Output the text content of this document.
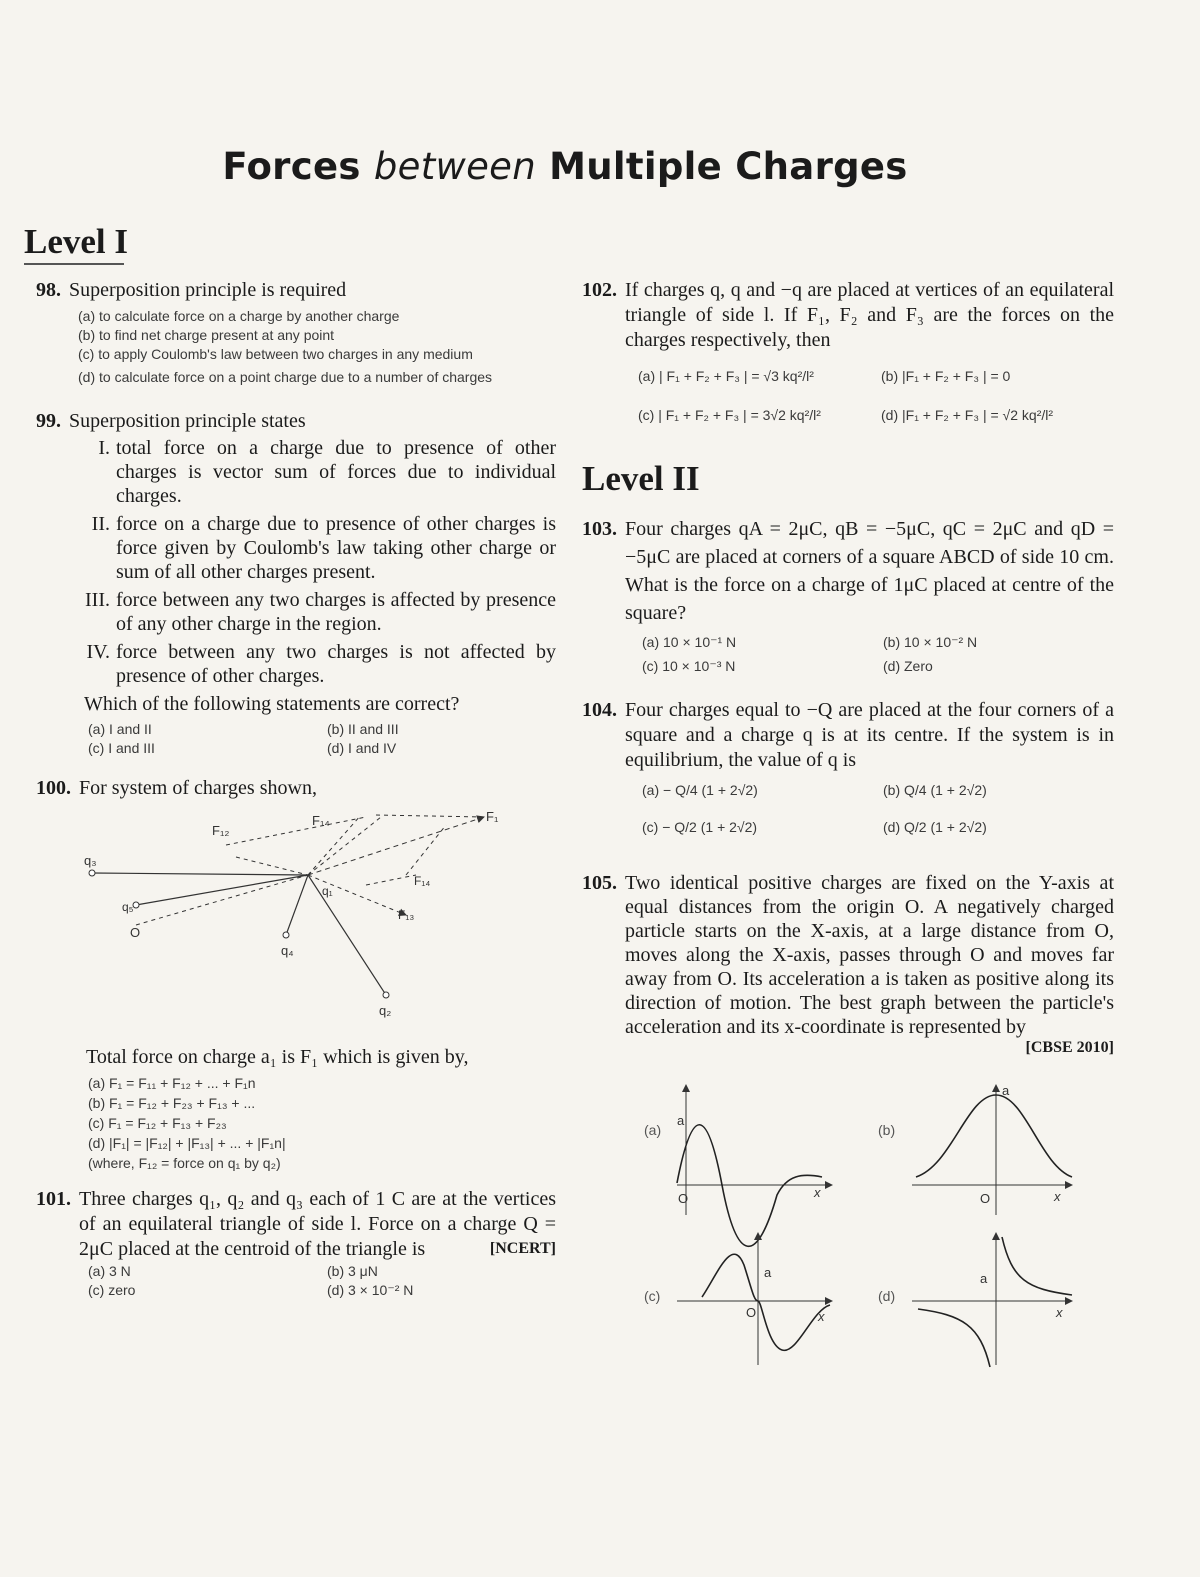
Forces between Multiple Charges
Level I
98. Superposition principle is required
(a) to calculate force on a charge by another charge
(b) to find net charge present at any point
(c) to apply Coulomb's law between two charges in any medium
(d) to calculate force on a point charge due to a number of charges
99. Superposition principle states
I. total force on a charge due to presence of other charges is vector sum of forces due to individual charges.
II. force on a charge due to presence of other charges is force given by Coulomb's law taking other charge or sum of all other charges present.
III. force between any two charges is affected by presence of any other charge in the region.
IV. force between any two charges is not affected by presence of other charges.
Which of the following statements are correct?
(a) I and II	(b) II and III
(c) I and III	(d) I and IV
100. For system of charges shown,
F₁
F₁₂
F₁₄
F₁₄
F₁₃
q₁
q₃
q₅
O
q₄
q₂
Total force on charge a₁ is F₁ which is given by,
(a) F₁ = F₁₁ + F₁₂ + ... + F₁n
(b) F₁ = F₁₂ + F₂₃ + F₁₃ + ...
(c) F₁ = F₁₂ + F₁₃ + F₂₃
(d) |F₁| = |F₁₂| + |F₁₃| + ... + |F₁n|
(where, F₁₂ = force on q₁ by q₂)
101. Three charges q₁, q₂ and q₃ each of 1 C are at the vertices of an equilateral triangle of side l. Force on a charge Q = 2μC placed at the centroid of the triangle is	[NCERT]
(a) 3 N	(b) 3 μN
(c) zero	(d) 3 × 10⁻² N
102. If charges q, q and −q are placed at vertices of an equilateral triangle of side l. If F₁, F₂ and F₃ are the forces on the charges respectively, then
(a) | F₁ + F₂ + F₃ | = √3 kq²/l²	(b) |F₁ + F₂ + F₃ | = 0
(c) | F₁ + F₂ + F₃ | = 3√2 kq²/l²	(d) |F₁ + F₂ + F₃ | = √2 kq²/l²
Level II
103. Four charges qA = 2μC, qB = −5μC, qC = 2μC and qD = −5μC are placed at corners of a square ABCD of side 10 cm. What is the force on a charge of 1μC placed at centre of the square?
(a) 10 × 10⁻¹ N	(b) 10 × 10⁻² N
(c) 10 × 10⁻³ N	(d) Zero
104. Four charges equal to −Q are placed at the four corners of a square and a charge q is at its centre. If the system is in equilibrium, the value of q is
(a) − Q/4 (1 + 2√2)	(b) Q/4 (1 + 2√2)
(c) − Q/2 (1 + 2√2)	(d) Q/2 (1 + 2√2)
105. Two identical positive charges are fixed on the Y-axis at equal distances from the origin O. A negatively charged particle starts on the X-axis, at a large distance from O, moves along the X-axis, passes through O and moves far away from O. Its acceleration a is taken as positive along its direction of motion. The best graph between the particle's acceleration and its x-coordinate is represented by
[CBSE 2010]
(a)
O
a
x
(b)
O
a
x
(c)
O
a
x
(d)
a
x
